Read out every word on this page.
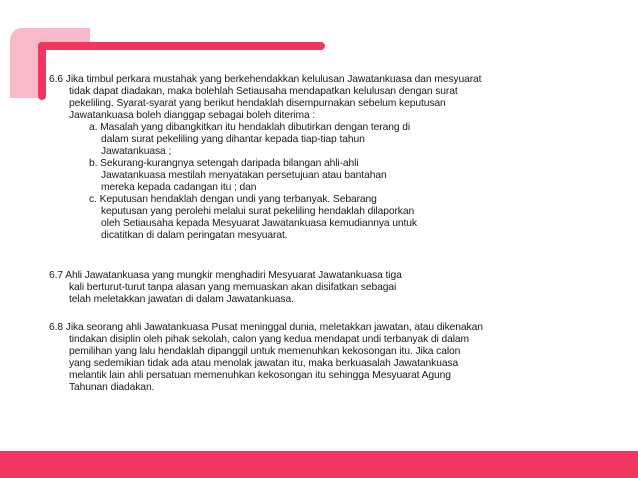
6.6 Jika timbul perkara mustahak yang berkehendakkan kelulusan Jawatankuasa dan mesyuarat
tidak dapat diadakan, maka bolehlah Setiausaha mendapatkan kelulusan dengan surat
pekeliling. Syarat-syarat yang berikut hendaklah disempurnakan sebelum keputusan
Jawatankuasa boleh dianggap sebagai boleh diterima :
a. Masalah yang dibangkitkan itu hendaklah dibutirkan dengan terang di
dalam surat pekeliling yang dihantar kepada tiap-tiap tahun
Jawatankuasa ;
b. Sekurang-kurangnya setengah daripada bilangan ahli-ahli
Jawatankuasa mestilah menyatakan persetujuan atau bantahan
mereka kepada cadangan itu ; dan
c. Keputusan hendaklah dengan undi yang terbanyak. Sebarang
keputusan yang perolehi melalui surat pekeliling hendaklah dilaporkan
oleh Setiausaha kepada Mesyuarat Jawatankuasa kemudiannya untuk
dicatitkan di dalam peringatan mesyuarat.
6.7 Ahli Jawatankuasa yang mungkir menghadiri Mesyuarat Jawatankuasa tiga
kali berturut-turut tanpa alasan yang memuaskan akan disifatkan sebagai
telah meletakkan jawatan di dalam Jawatankuasa.
6.8 Jika seorang ahli Jawatankuasa Pusat meninggal dunia, meletakkan jawatan, atau dikenakan
tindakan disiplin oleh pihak sekolah, calon yang kedua mendapat undi terbanyak di dalam
pemilihan yang lalu hendaklah dipanggil untuk memenuhkan kekosongan itu. Jika calon
yang sedemikian tidak ada atau menolak jawatan itu, maka berkuasalah Jawatankuasa
melantik lain ahli persatuan memenuhkan kekosongan itu sehingga Mesyuarat Agung
Tahunan diadakan.
